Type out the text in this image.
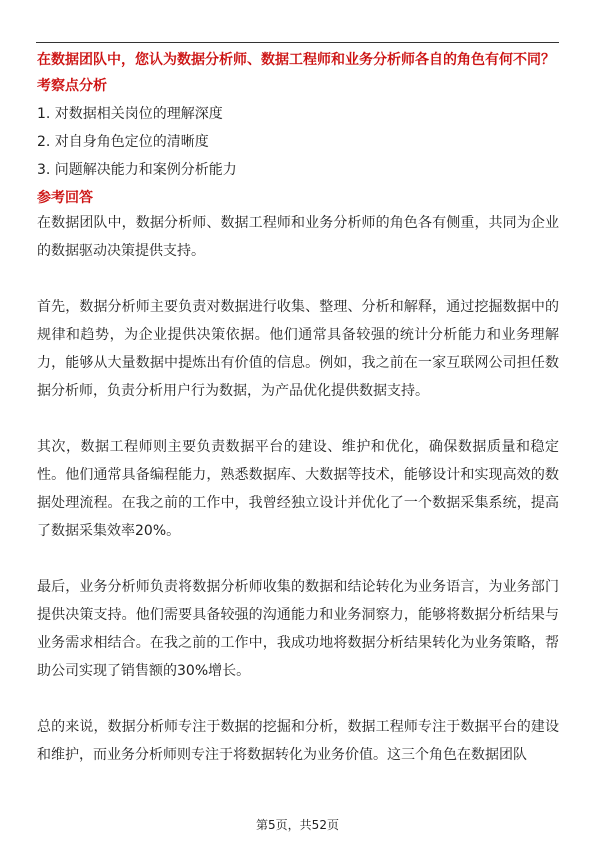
在数据团队中，您认为数据分析师、数据工程师和业务分析师各自的角色有何不同？

考察点分析

1. 对数据相关岗位的理解深度
2. 对自身角色定位的清晰度
3. 问题解决能力和案例分析能力

参考回答

在数据团队中，数据分析师、数据工程师和业务分析师的角色各有侧重，共同为企业的数据驱动决策提供支持。

首先，数据分析师主要负责对数据进行收集、整理、分析和解释，通过挖掘数据中的规律和趋势，为企业提供决策依据。他们通常具备较强的统计分析能力和业务理解力，能够从大量数据中提炼出有价值的信息。例如，我之前在一家互联网公司担任数据分析师，负责分析用户行为数据，为产品优化提供数据支持。

其次，数据工程师则主要负责数据平台的建设、维护和优化，确保数据质量和稳定性。他们通常具备编程能力，熟悉数据库、大数据等技术，能够设计和实现高效的数据处理流程。在我之前的工作中，我曾经独立设计并优化了一个数据采集系统，提高了数据采集效率20%。

最后，业务分析师负责将数据分析师收集的数据和结论转化为业务语言，为业务部门提供决策支持。他们需要具备较强的沟通能力和业务洞察力，能够将数据分析结果与业务需求相结合。在我之前的工作中，我成功地将数据分析结果转化为业务策略，帮助公司实现了销售额的30%增长。

总的来说，数据分析师专注于数据的挖掘和分析，数据工程师专注于数据平台的建设和维护，而业务分析师则专注于将数据转化为业务价值。这三个角色在数据团队

第5页，共52页
